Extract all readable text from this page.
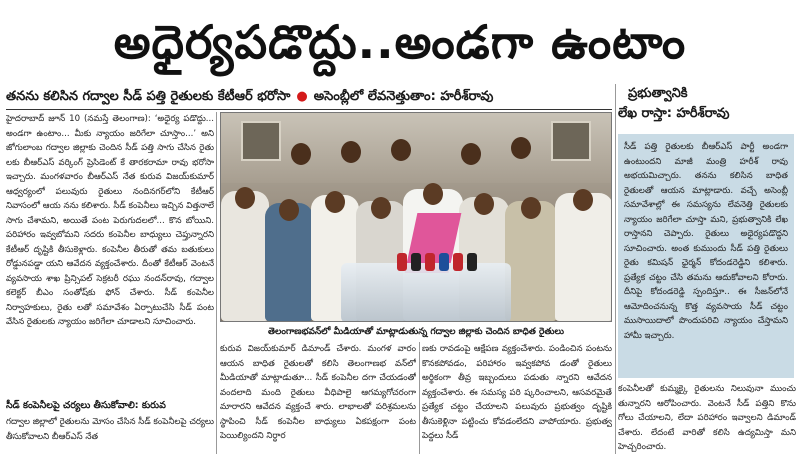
అధైర్యపడొద్దు..అండగా ఉంటాం
తనను కలిసిన గద్వాల సీడ్ పత్తి రైతులకు కేటీఆర్ భరోసా ● అసెంబ్లీలో లేవనెత్తుతాం: హరీశ్‌రావు

హైదరాబాద్ జూన్ 10 (నమస్తే తెలంగాణ): ‘అధైర్య పడొద్దు... అండగా ఉంటాం... మీకు న్యాయం జరిగేలా చూస్తాం...’ అని జోగులాంబ గద్వాల జిల్లాకు చెందిన సీడ్ పత్తి సాగు చేసిన రైతు లకు బీఆర్‌ఎస్ వర్కింగ్ ప్రెసిడెంట్ కే తారకరామా రావు భరోసా ఇచ్చారు. మంగళవారం బీఆర్‌ఎస్ నేత కురువ విజయ్‌కుమార్ ఆధ్వర్యంలో పలువురు రైతులు నందినగర్‌లోని కేటీఆర్ నివాసంలో ఆయ నను కలిశారు. సీడ్ కంపెనీలు ఇచ్చిన విత్తనాలే సాగు చేశామని, అయితే పంట పెరుగుదలలో... కొన బోయిని. పరిహారం ఇవ్వబోమని సదరు కంపెనీల బాధ్యులు చెప్తున్నారని కేటీఆర్ దృష్టికి తీసుకెళ్లారు. కంపెనీల తీరుతో తమ బతుకులు రోడ్డునపడ్డా యని ఆవేదన వ్యక్తంచేశారు. దీంతో కేటీఆర్ వెంటనే వ్యవసాయ శాఖ ప్రిన్సిపల్ సెక్రటరీ రఘు నందన్‌రావు, గద్వాల కలెక్టర్ బీఎం సంతోష్‌కు ఫోన్ చేశారు. సీడ్ కంపెనీల నిర్వాహకులు, రైతు లతో సమావేశం ఏర్పాటుచేసి సీడ్ పంట వేసిన రైతులకు న్యాయం జరిగేలా చూడాలని సూచించారు.

సీడ్ కంపెనీలపై చర్యలు తీసుకోవాలి: కురువ
గద్వాల జిల్లాలో రైతులను మోసం చేసిన సీడ్ కంపెనీలపై చర్యలు తీసుకోవాలని బీఆర్‌ఎస్ నేత
తెలంగాణభవన్‌లో మీడియాతో మాట్లాడుతున్న గద్వాల జిల్లాకు చెందిన బాధిత రైతులు

కురువ విజయ్‌కుమార్ డిమాండ్ చేశారు. మంగళ వారం ఆయన బాధిత రైతులతో కలిసి తెలంగాణభ వన్‌లో మీడియాతో మాట్లాడుతూ... సీడ్ కంపెనీల దగా చేయడంతో వందలాది మంది రైతులు వీధిపాలై ఆగమ్యగోచరంగా మారారని ఆవేదన వ్యక్తంచే శారు. లాభాలతో పరిశ్రమలను స్థాపించి సీడ్ కంపెనీల బాధ్యులు ఏకపక్షంగా పంట పెయిల్యిందని నిర్ధార

ణకు రావడంపై ఆక్షేపణ వ్యక్తంచేశారు. పండించిన పంటను కొనకపోవడం, పరిహారం ఇవ్వకపోవ డంతో రైతులు అర్థికంగా తీవ్ర ఇబ్బందులు పడుతు న్నారని ఆవేదన వ్యక్తంచేశారు. ఈ సమస్య పరి ష్కరించాలని, ఆసవరమైతే ప్రత్యేక చట్టం చేయాలని పలువురు ప్రభుత్వం దృష్టికి తీసుకెళ్లినా పట్టించు కోవడంలేదని వాపోయారు. ప్రభుత్వ పెద్దలు సీడ్

ప్రభుత్వానికి
లేఖ రాస్తా: హరీశ్‌రావు
సీడ్ పత్తి రైతులకు బీఆర్‌ఎస్ పార్టీ అండగా ఉంటుందని మాజీ మంత్రి హరీశ్ రావు అభయమిచ్చారు. తనను కలిసిన బాధిత రైతులతో ఆయన మాట్లాడారు. వచ్చే అసెంబ్లీ సమావేశాల్లో ఈ సమస్యను లేవనెత్తి రైతులకు న్యాయం జరిగేలా చూస్తా మని, ప్రభుత్వానికి లేఖ రాస్తానని చెప్పారు. రైతులు అధైర్యపడొద్దని సూచించారు. అంత కుముందు సీడ్ పత్తి రైతులు రైతు కమిషన్ ఛైర్మన్ కోదండరెడ్డిని కలిశారు. ప్రత్యేక చట్టం చేసి తమను ఆదుకోవాలని కోరారు. దీనిపై కోదండరెడ్డి స్పందిస్తూ.. ఈ సీజన్‌లోనే ఆమోదించనున్న కొత్త వ్యవసాయ సీడ్ చట్టం ముసాయిదాలో పొందుపరిచి న్యాయం చేస్తామని హామీ ఇచ్చారు.

కంపెనీలతో కుమ్మక్కై రైతులను నిలువునా ముంచు తున్నారని ఆరోపించారు. వెంటనే సీడ్ పత్తిని కొను గోలు చేయాలని, లేదా పరిహారం ఇవ్వాలని డిమాండ్ చేశారు. లేదంటే వారితో కలిసి ఉద్యమిస్తా మని హెచ్చరించారు.
